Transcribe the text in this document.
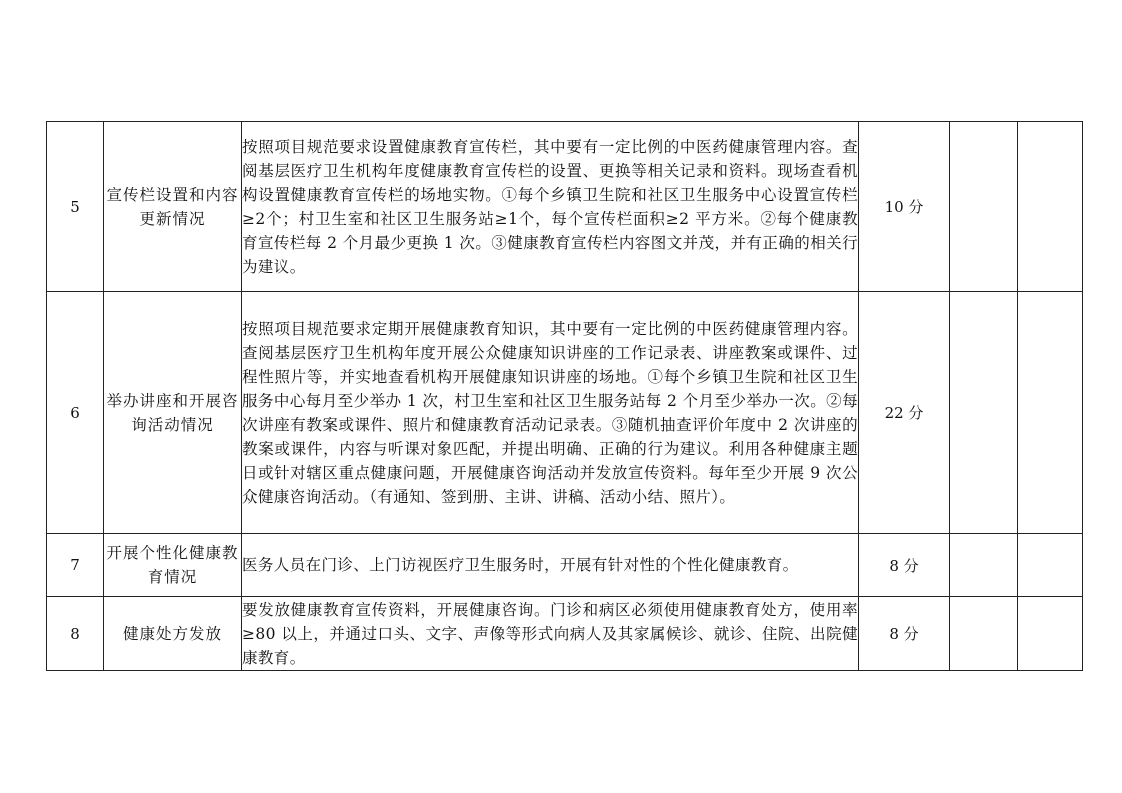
5	宣传栏设置和内容更新情况	按照项目规范要求设置健康教育宣传栏，其中要有一定比例的中医药健康管理内容。查阅基层医疗卫生机构年度健康教育宣传栏的设置、更换等相关记录和资料。现场查看机构设置健康教育宣传栏的场地实物。①每个乡镇卫生院和社区卫生服务中心设置宣传栏≥2个；村卫生室和社区卫生服务站≥1个，每个宣传栏面积≥2 平方米。②每个健康教育宣传栏每 2 个月最少更换 1 次。③健康教育宣传栏内容图文并茂，并有正确的相关行为建议。	10 分		
6	举办讲座和开展咨询活动情况	按照项目规范要求定期开展健康教育知识，其中要有一定比例的中医药健康管理内容。查阅基层医疗卫生机构年度开展公众健康知识讲座的工作记录表、讲座教案或课件、过程性照片等，并实地查看机构开展健康知识讲座的场地。①每个乡镇卫生院和社区卫生服务中心每月至少举办 1 次，村卫生室和社区卫生服务站每 2 个月至少举办一次。②每次讲座有教案或课件、照片和健康教育活动记录表。③随机抽查评价年度中 2 次讲座的教案或课件，内容与听课对象匹配，并提出明确、正确的行为建议。利用各种健康主题日或针对辖区重点健康问题，开展健康咨询活动并发放宣传资料。每年至少开展 9 次公众健康咨询活动。（有通知、签到册、主讲、讲稿、活动小结、照片）。	22 分		
7	开展个性化健康教育情况	医务人员在门诊、上门访视医疗卫生服务时，开展有针对性的个性化健康教育。	8 分		
8	健康处方发放	要发放健康教育宣传资料，开展健康咨询。门诊和病区必须使用健康教育处方，使用率≥80 以上，并通过口头、文字、声像等形式向病人及其家属候诊、就诊、住院、出院健康教育。	8 分		
